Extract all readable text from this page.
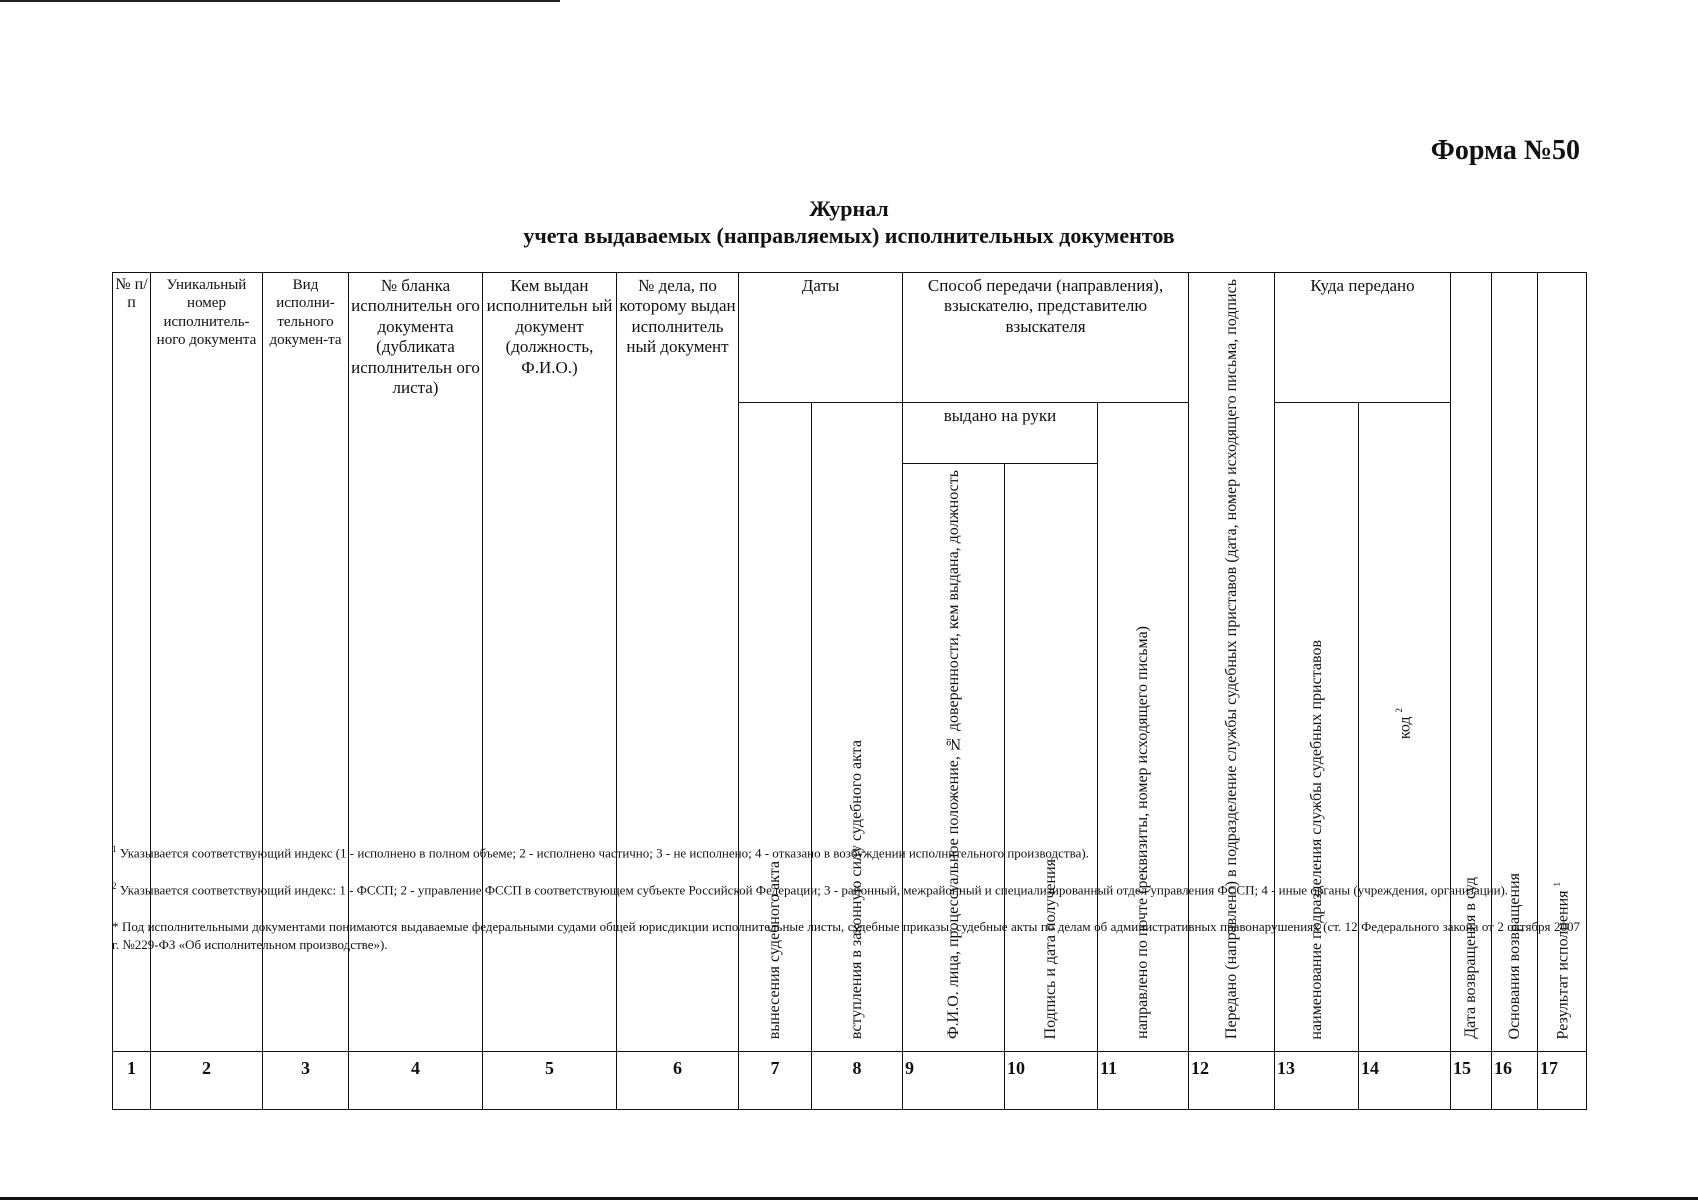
Форма №50
Журнал
учета выдаваемых (направляемых) исполнительных документов
№ п/п	Уникальный номер исполнитель-ного документа	Вид исполни-тельного докумен-та	№ бланка исполнительн ого документа (дубликата исполнительн ого листа)	Кем выдан исполнительн ый документ (должность, Ф.И.О.)	№ дела, по которому выдан исполнитель ный документ	Даты		Способ передачи (направления), взыскателю, представителю взыскателя			Передано (направлено) в подразделение службы судебных приставов (дата, номер исходящего письма, подпись	Куда передано		Дата возвращения в суд	Основания возвращения	Результат исполнения $^1$
						вынесения судебного акта	вступления в законную силу судебного акта	выдано на руки		направлено по почте (реквизиты, номер исходящего письма)		наименование подразделения службы судебных приставов	код $^2$
								Ф.И.О. лица, процессуальное положение, № доверенности, кем выдана, должность	Подпись и дата получения							
1	2	3	4	5	6	7	8	9	10	11	12	13	14	15	16	17
$^1$ Указывается соответствующий индекс (1 - исполнено в полном объеме; 2 - исполнено частично; 3 - не исполнено; 4 - отказано в возбуждении исполнительного производства).
$^2$ Указывается соответствующий индекс: 1 - ФССП; 2 - управление ФССП в соответствующем субъекте Российской Федерации; 3 - районный, межрайонный и специализированный отдел управления ФССП; 4 - иные органы (учреждения, организации).
* Под исполнительными документами понимаются выдаваемые федеральными судами общей юрисдикции исполнительные листы, судебные приказы, судебные акты по делам об административных правонарушениях (ст. 12 Федерального закона от 2 октября 2007 г. №229-ФЗ «Об исполнительном производстве»).
